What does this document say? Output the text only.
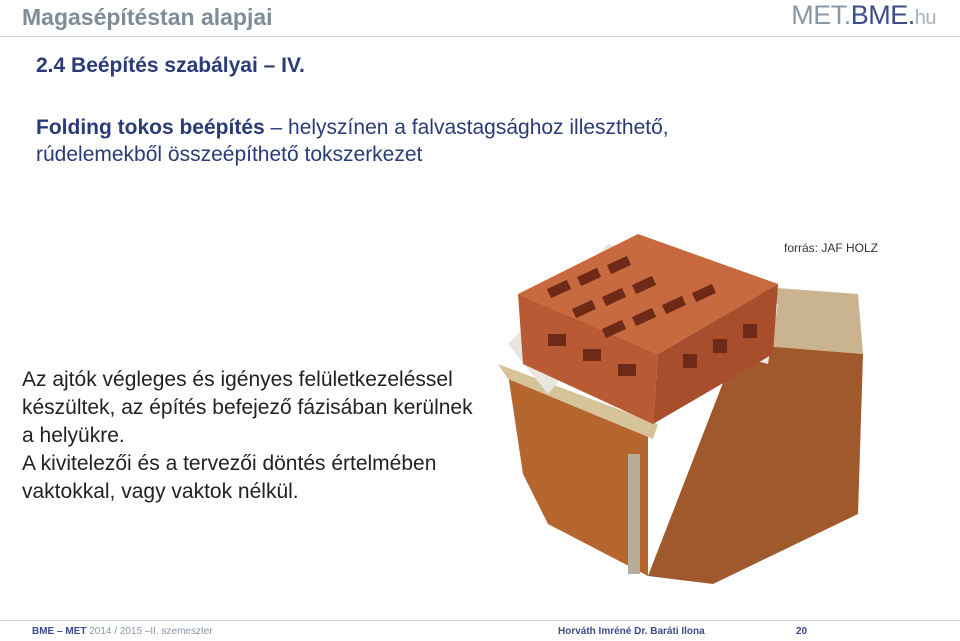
Magasépítéstan alapjai	MET.BME.hu
2.4 Beépítés szabályai – IV.
Folding tokos beépítés – helyszínen a falvastagsághoz illeszthető,
rúdelemekből összeépíthető tokszerkezet
forrás: JAF HOLZ
Az ajtók végleges és igényes felületkezeléssel készültek, az építés befejező fázisában kerülnek a helyükre.
A kivitelezői és a tervezői döntés értelmében vaktokkal, vagy vaktok nélkül.
BME – MET 2014 / 2015 –II. szemeszter	Horváth Imréné Dr. Baráti Ilona	20
